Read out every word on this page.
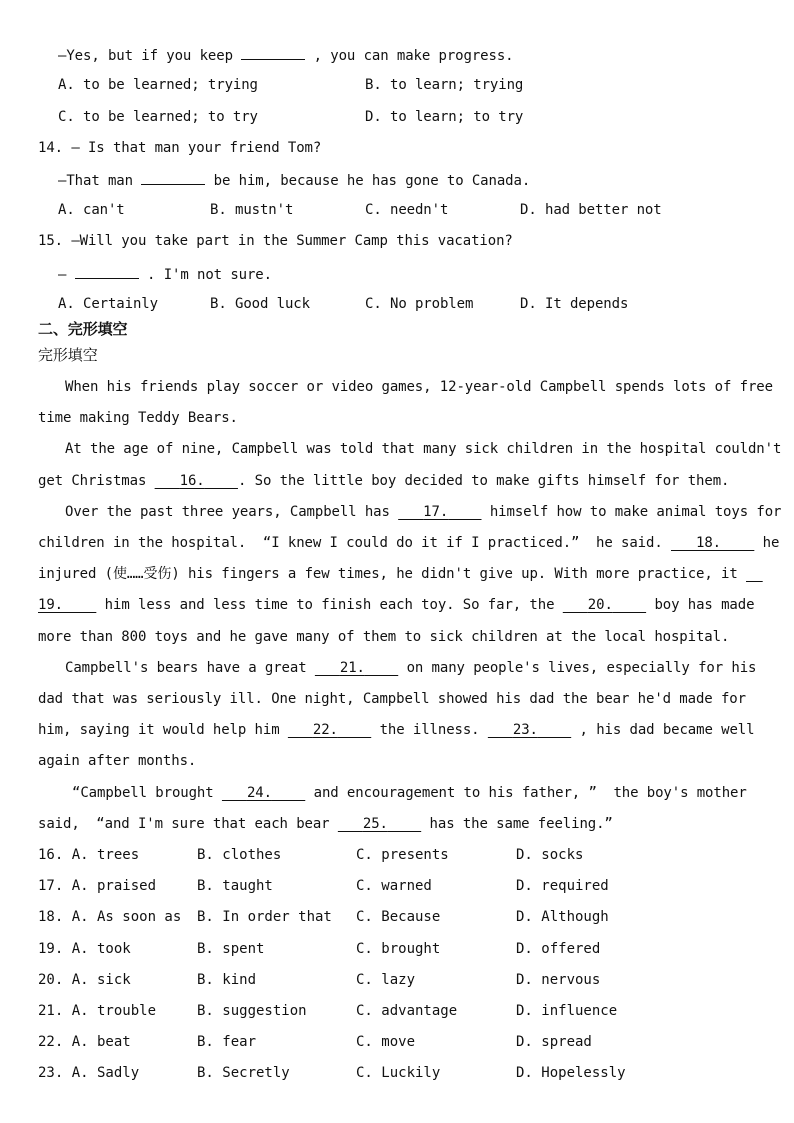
—Yes, but if you keep	, you can make progress.
A. to be learned; trying	B. to learn; trying
C. to be learned; to try	D. to learn; to try
14. — Is that man your friend Tom?
—That man	be him, because he has gone to Canada.
A. can't	B. mustn't	C. needn't	D. had better not
15. —Will you take part in the Summer Camp this vacation?
—	. I'm not sure.
A. Certainly	B. Good luck	C. No problem	D. It depends
二、完形填空
完形填空
When his friends play soccer or video games, 12-year-old Campbell spends lots of free
time making Teddy Bears.
At the age of nine, Campbell was told that many sick children in the hospital couldn't
get Christmas 16. . So the little boy decided to make gifts himself for them.
Over the past three years, Campbell has 17.	himself how to make animal toys for
children in the hospital.  “I knew I could do it if I practiced.”  he said. 18.	he
injured (使……受伤) his fingers a few times, he didn't give up. With more practice, it
19.	him less and less time to finish each toy. So far, the 20.	boy has made
more than 800 toys and he gave many of them to sick children at the local hospital.
Campbell's bears have a great 21.	on many people's lives, especially for his
dad that was seriously ill. One night, Campbell showed his dad the bear he'd made for
him, saying it would help him 22.	the illness. 23.	, his dad became well
again after months.
“Campbell brought 24.	and encouragement to his father, ”  the boy's mother
said,  “and I'm sure that each bear 25.	has the same feeling.”
16. A. trees	B. clothes	C. presents	D. socks
17. A. praised	B. taught	C. warned	D. required
18. A. As soon as B. In order that C. Because	D. Although
19. A. took	B. spent	C. brought	D. offered
20. A. sick	B. kind	C. lazy	D. nervous
21. A. trouble	B. suggestion	C. advantage	D. influence
22. A. beat	B. fear	C. move	D. spread
23. A. Sadly	B. Secretly	C. Luckily	D. Hopelessly
